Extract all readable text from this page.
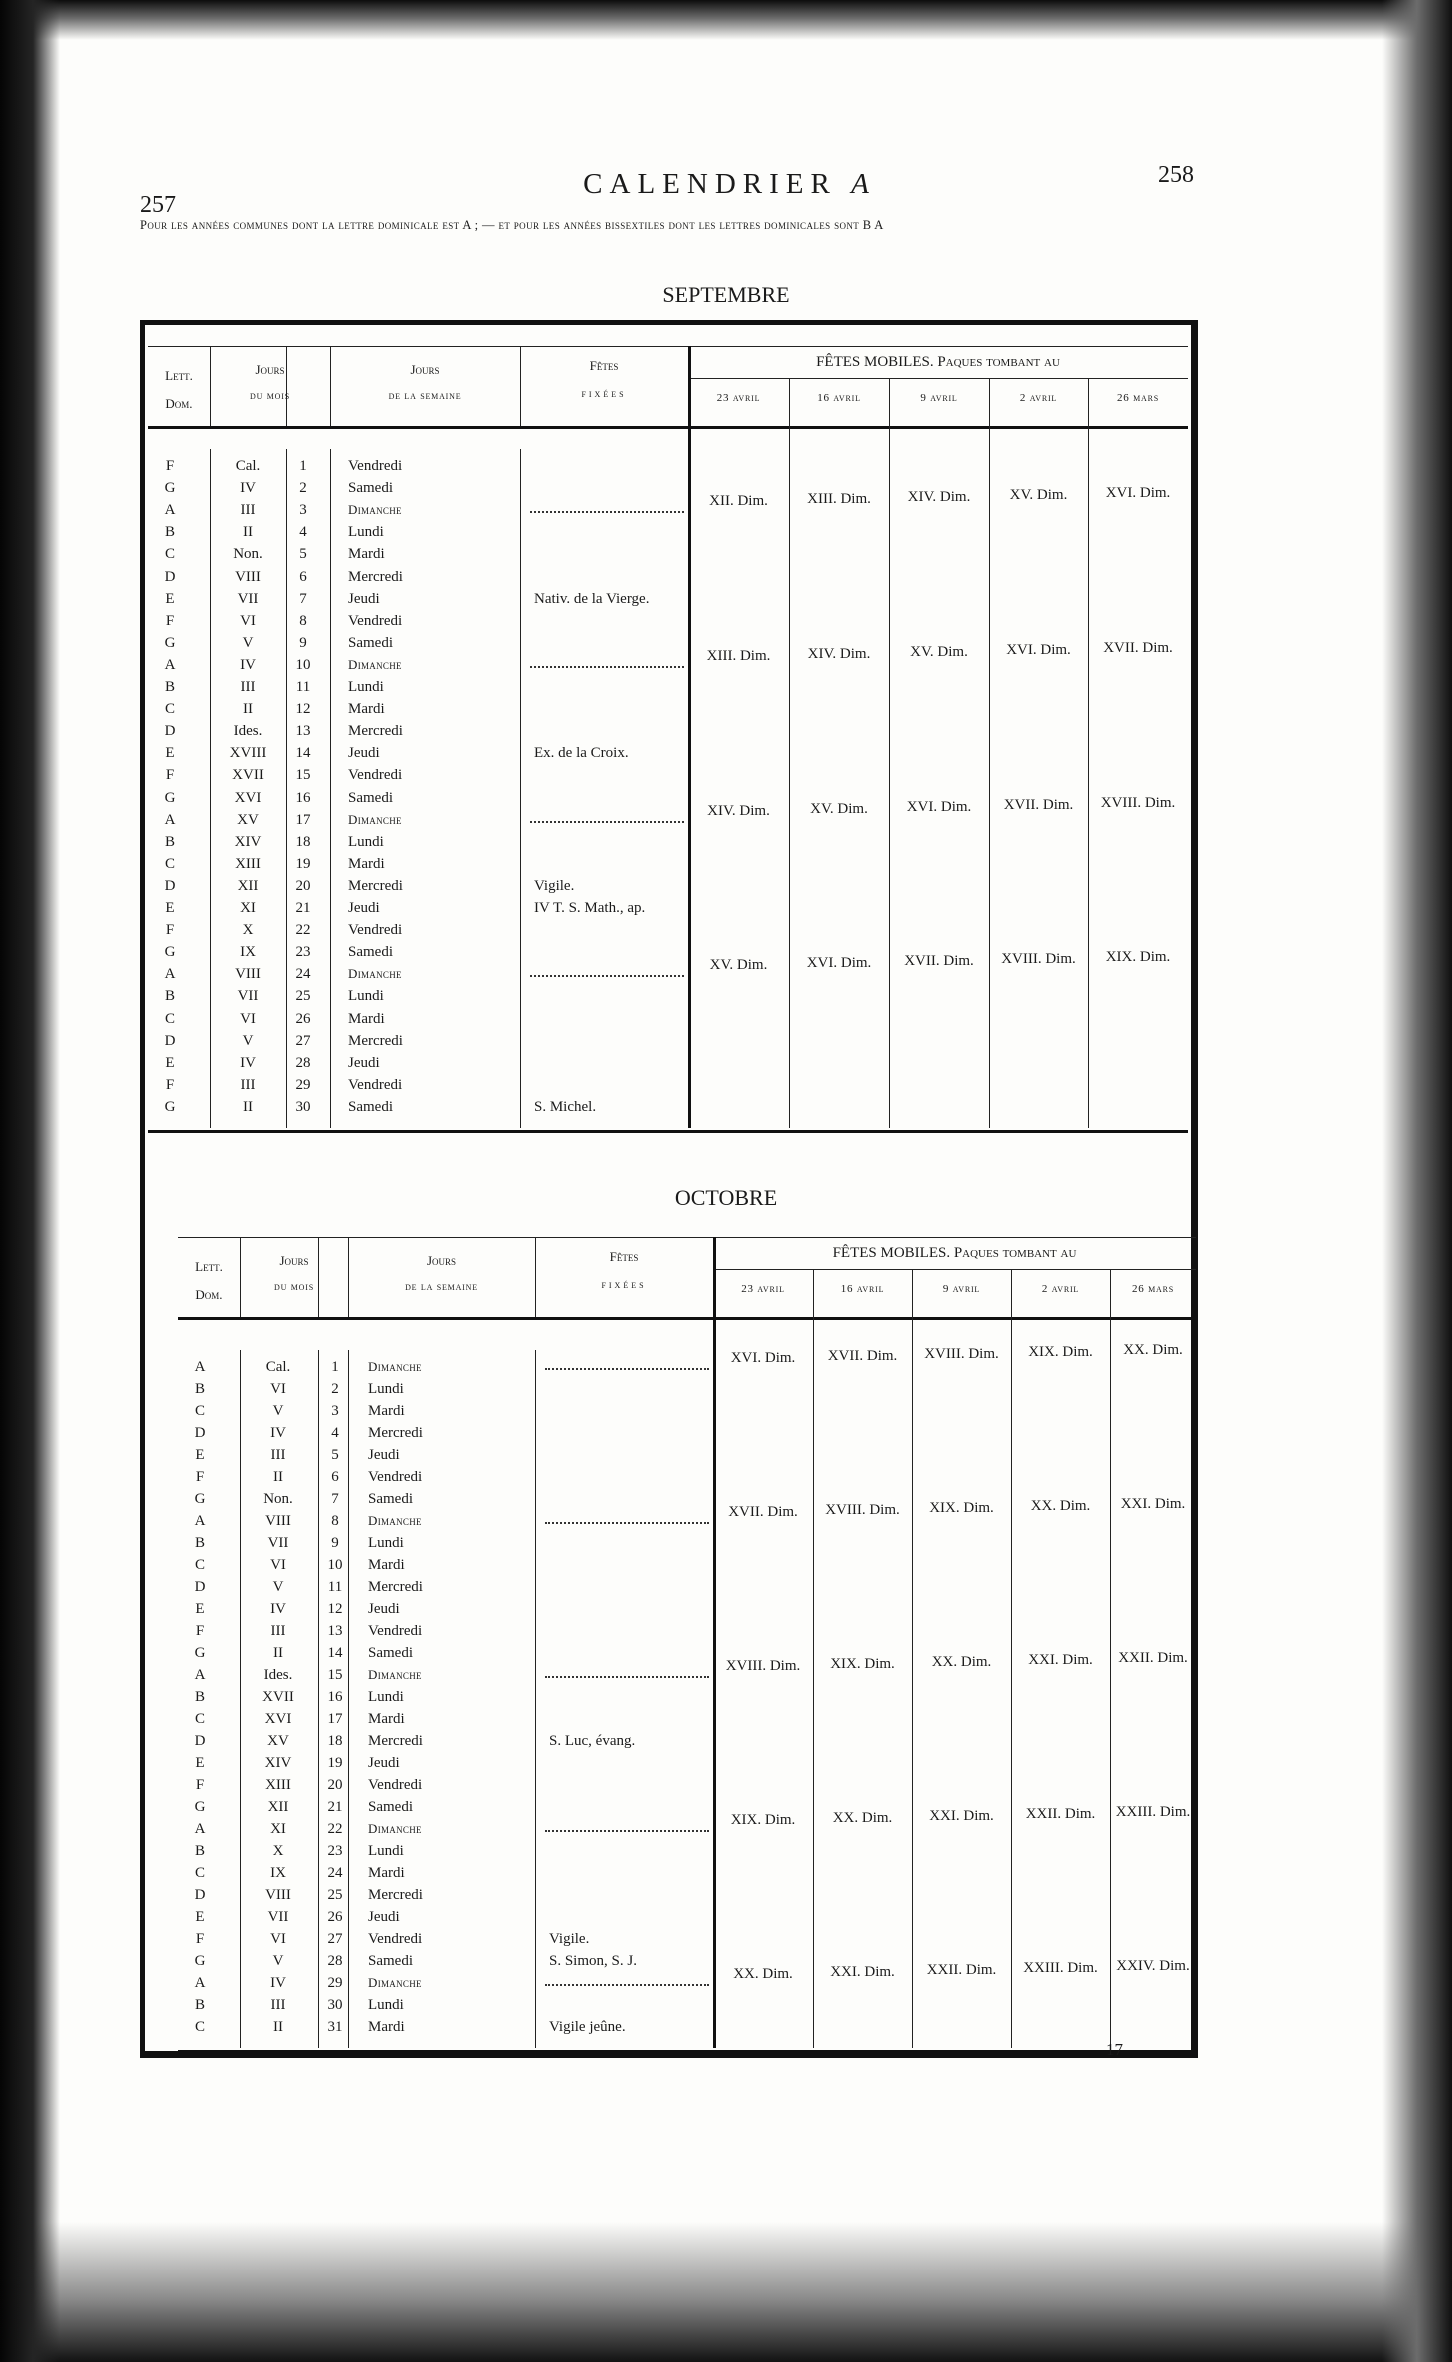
257
258
CALENDRIER A
Pour les années communes dont la lettre dominicale est A ; — et pour les années bissextiles dont les lettres dominicales sont B A
SEPTEMBRE
OCTOBRE
Lett.
Dom.
Jours
du mois
Jours
de la semaine
Fêtes
fixées
FÊTES MOBILES. Paques tombant au
23 avril	16 avril	9 avril	2 avril	26 mars
F	Cal.	1	Vendredi
G	IV	2	Samedi
A	III	3	Dimanche
B	II	4	Lundi
C	Non.	5	Mardi
D	VIII	6	Mercredi
E	VII	7	Jeudi	Nativ. de la Vierge.
F	VI	8	Vendredi
G	V	9	Samedi
A	IV	10	Dimanche
B	III	11	Lundi
C	II	12	Mardi
D	Ides.	13	Mercredi
E	XVIII	14	Jeudi	Ex. de la Croix.
F	XVII	15	Vendredi
G	XVI	16	Samedi
A	XV	17	Dimanche
B	XIV	18	Lundi
C	XIII	19	Mardi
D	XII	20	Mercredi	Vigile.
E	XI	21	Jeudi	IV T. S. Math., ap.
F	X	22	Vendredi
G	IX	23	Samedi
A	VIII	24	Dimanche
B	VII	25	Lundi
C	VI	26	Mardi
D	V	27	Mercredi
E	IV	28	Jeudi
F	III	29	Vendredi
G	II	30	Samedi	S. Michel.
XII. Dim.	XIII. Dim.	XIV. Dim.	XV. Dim.	XVI. Dim.
XIII. Dim.	XIV. Dim.	XV. Dim.	XVI. Dim.	XVII. Dim.
XIV. Dim.	XV. Dim.	XVI. Dim.	XVII. Dim.	XVIII. Dim.
XV. Dim.	XVI. Dim.	XVII. Dim.	XVIII. Dim.	XIX. Dim.
Lett.
Dom.
Jours
du mois
Jours
de la semaine
Fêtes
fixées
FÊTES MOBILES. Paques tombant au
23 avril	16 avril	9 avril	2 avril	26 mars
A	Cal.	1	Dimanche
B	VI	2	Lundi
C	V	3	Mardi
D	IV	4	Mercredi
E	III	5	Jeudi
F	II	6	Vendredi
G	Non.	7	Samedi
A	VIII	8	Dimanche
B	VII	9	Lundi
C	VI	10	Mardi
D	V	11	Mercredi
E	IV	12	Jeudi
F	III	13	Vendredi
G	II	14	Samedi
A	Ides.	15	Dimanche
B	XVII	16	Lundi
C	XVI	17	Mardi
D	XV	18	Mercredi	S. Luc, évang.
E	XIV	19	Jeudi
F	XIII	20	Vendredi
G	XII	21	Samedi
A	XI	22	Dimanche
B	X	23	Lundi
C	IX	24	Mardi
D	VIII	25	Mercredi
E	VII	26	Jeudi
F	VI	27	Vendredi	Vigile.
G	V	28	Samedi	S. Simon, S. J.
A	IV	29	Dimanche
B	III	30	Lundi
C	II	31	Mardi	Vigile jeûne.
XVI. Dim.	XVII. Dim.	XVIII. Dim.	XIX. Dim.	XX. Dim.
XVII. Dim.	XVIII. Dim.	XIX. Dim.	XX. Dim.	XXI. Dim.
XVIII. Dim.	XIX. Dim.	XX. Dim.	XXI. Dim.	XXII. Dim.
XIX. Dim.	XX. Dim.	XXI. Dim.	XXII. Dim.	XXIII. Dim.
XX. Dim.	XXI. Dim.	XXII. Dim.	XXIII. Dim.	XXIV. Dim.
17
